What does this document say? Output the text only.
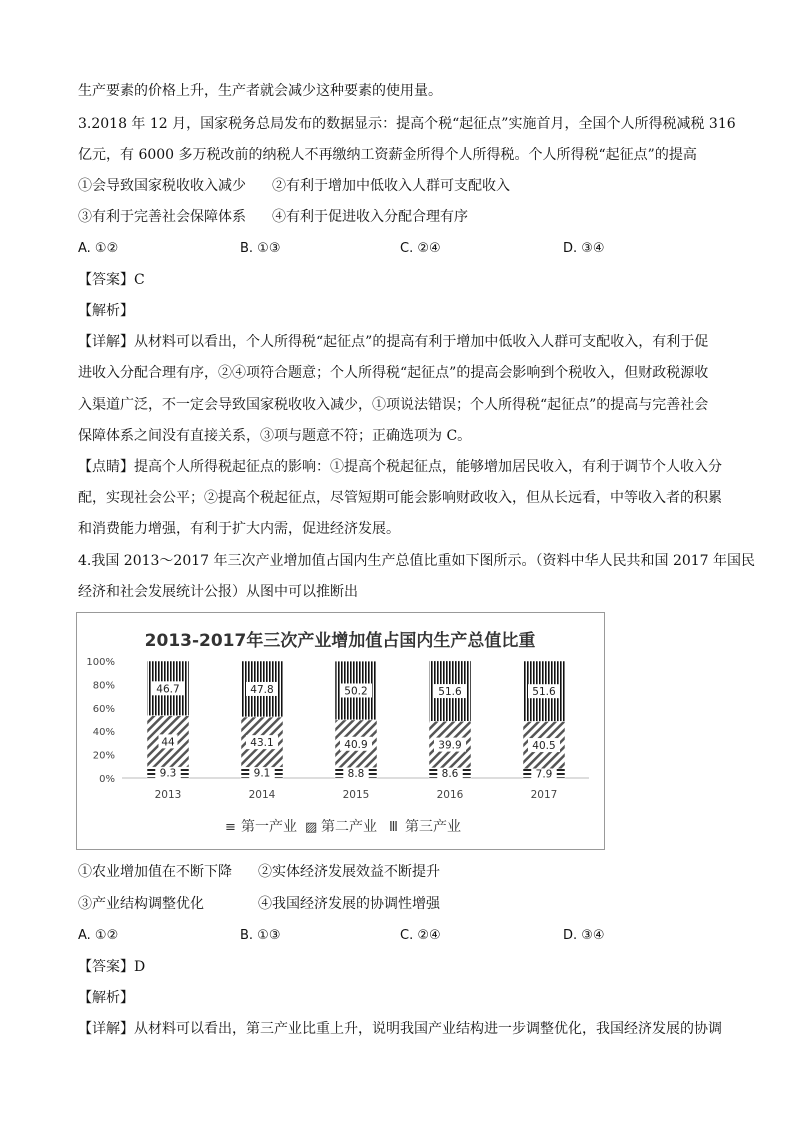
生产要素的价格上升，生产者就会减少这种要素的使用量。
3.2018 年 12 月，国家税务总局发布的数据显示：提高个税“起征点”实施首月，全国个人所得税减税 316
亿元，有 6000 多万税改前的纳税人不再缴纳工资薪金所得个人所得税。个人所得税“起征点”的提高
①会导致国家税收收入减少 ②有利于增加中低收入人群可支配收入
③有利于完善社会保障体系 ④有利于促进收入分配合理有序
A. ①②	B. ①③	C. ②④	D. ③④
【答案】C
【解析】
【详解】从材料可以看出，个人所得税“起征点”的提高有利于增加中低收入人群可支配收入，有利于促
进收入分配合理有序，②④项符合题意；个人所得税“起征点”的提高会影响到个税收入，但财政税源收
入渠道广泛，不一定会导致国家税收收入减少，①项说法错误；个人所得税“起征点”的提高与完善社会
保障体系之间没有直接关系，③项与题意不符；正确选项为 C。
【点睛】提高个人所得税起征点的影响：①提高个税起征点，能够增加居民收入，有利于调节个人收入分
配，实现社会公平；②提高个税起征点，尽管短期可能会影响财政收入，但从长远看，中等收入者的积累
和消费能力增强，有利于扩大内需，促进经济发展。
4.我国 2013～2017 年三次产业增加值占国内生产总值比重如下图所示。（资料中华人民共和国 2017 年国民
经济和社会发展统计公报）从图中可以推断出
2013-2017年三次产业增加值占国内生产总值比重
0%
20%
40%
60%
80%
100%
9.3
44
46.7
2013
9.1
43.1
47.8
2014
8.8
40.9
50.2
2015
8.6
39.9
51.6
2016
7.9
40.5
51.6
2017
≡ 第一产业 ▨ 第二产业 Ⅲ 第三产业
①农业增加值在不断下降 ②实体经济发展效益不断提升
③产业结构调整优化	④我国经济发展的协调性增强
A. ①②	B. ①③	C. ②④	D. ③④
【答案】D
【解析】
【详解】从材料可以看出，第三产业比重上升，说明我国产业结构进一步调整优化，我国经济发展的协调
